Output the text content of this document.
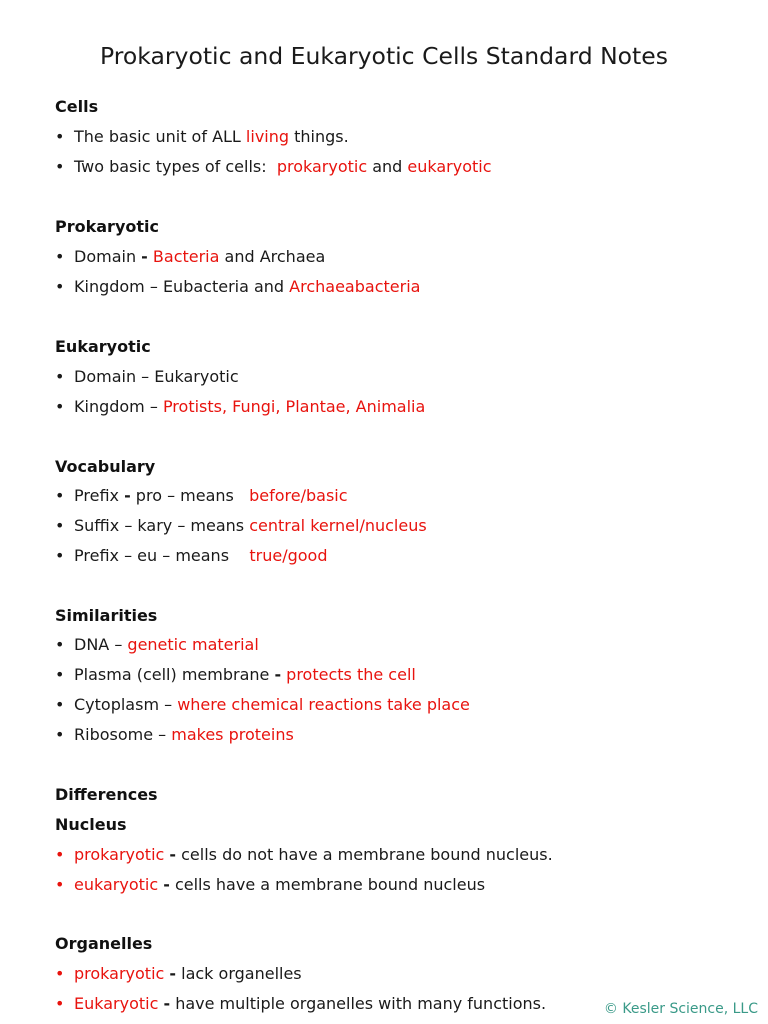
Prokaryotic and Eukaryotic Cells Standard Notes
Cells
• The basic unit of ALL living things.
• Two basic types of cells:  prokaryotic and eukaryotic
Prokaryotic
• Domain - Bacteria and Archaea
• Kingdom – Eubacteria and Archaeabacteria
Eukaryotic
• Domain – Eukaryotic
• Kingdom – Protists, Fungi, Plantae, Animalia
Vocabulary
• Prefix - pro – means   before/basic
• Suffix – kary – means central kernel/nucleus
• Prefix – eu – means    true/good
Similarities
• DNA – genetic material
• Plasma (cell) membrane - protects the cell
• Cytoplasm – where chemical reactions take place
• Ribosome – makes proteins
Differences
Nucleus
• prokaryotic - cells do not have a membrane bound nucleus.
• eukaryotic - cells have a membrane bound nucleus
Organelles
• prokaryotic - lack organelles
• Eukaryotic - have multiple organelles with many functions.	© Kesler Science, LLC
